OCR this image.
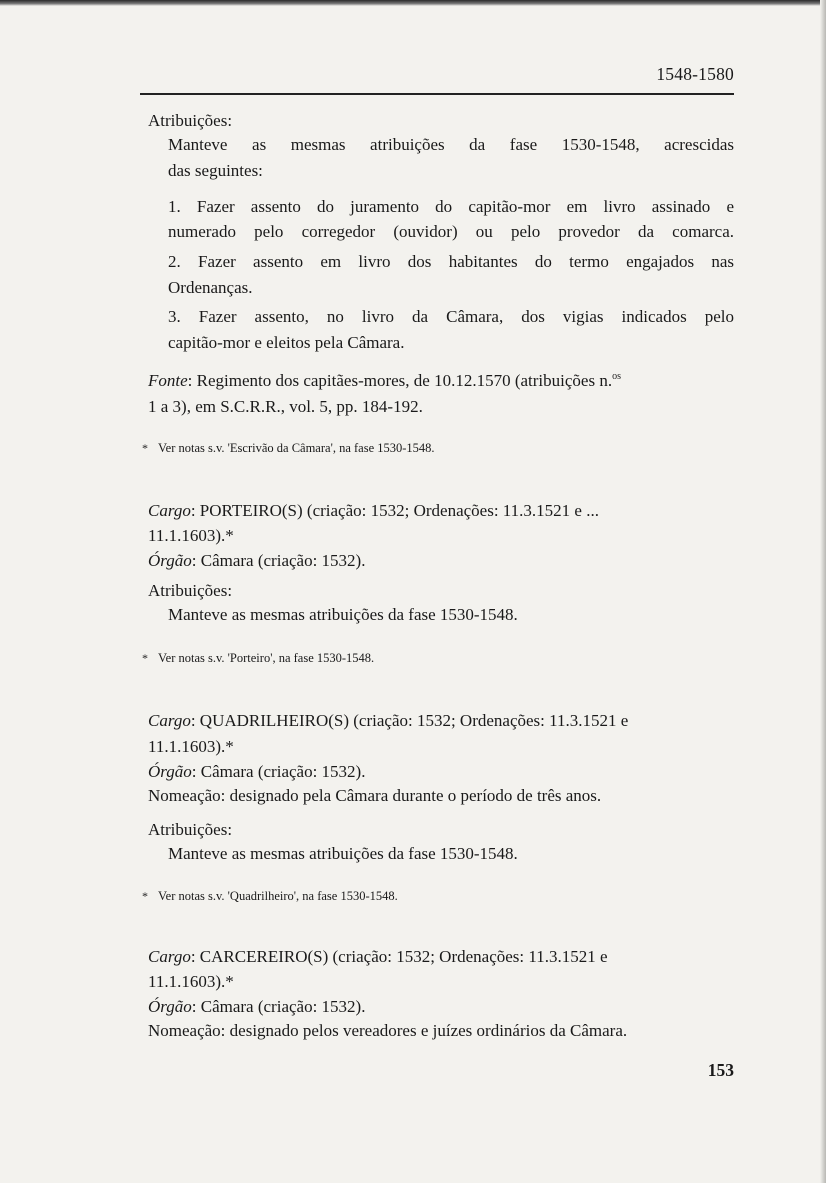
1548-1580
Atribuições:
Manteve as mesmas atribuições da fase 1530-1548, acrescidas
das seguintes:
1. Fazer assento do juramento do capitão-mor em livro assinado e
numerado pelo corregedor (ouvidor) ou pelo provedor da comarca.
2. Fazer assento em livro dos habitantes do termo engajados nas
Ordenanças.
3. Fazer assento, no livro da Câmara, dos vigias indicados pelo
capitão-mor e eleitos pela Câmara.
Fonte: Regimento dos capitães-mores, de 10.12.1570 (atribuições n.$^{os}$
1 a 3), em S.C.R.R., vol. 5, pp. 184-192.
* Ver notas s.v. 'Escrivão da Câmara', na fase 1530-1548.
Cargo: PORTEIRO(S) (criação: 1532; Ordenações: 11.3.1521 e ...
11.1.1603).*
Órgão: Câmara (criação: 1532).
Atribuições:
Manteve as mesmas atribuições da fase 1530-1548.
* Ver notas s.v. 'Porteiro', na fase 1530-1548.
Cargo: QUADRILHEIRO(S) (criação: 1532; Ordenações: 11.3.1521 e
11.1.1603).*
Órgão: Câmara (criação: 1532).
Nomeação: designado pela Câmara durante o período de três anos.
Atribuições:
Manteve as mesmas atribuições da fase 1530-1548.
* Ver notas s.v. 'Quadrilheiro', na fase 1530-1548.
Cargo: CARCEREIRO(S) (criação: 1532; Ordenações: 11.3.1521 e
11.1.1603).*
Órgão: Câmara (criação: 1532).
Nomeação: designado pelos vereadores e juízes ordinários da Câmara.
153
